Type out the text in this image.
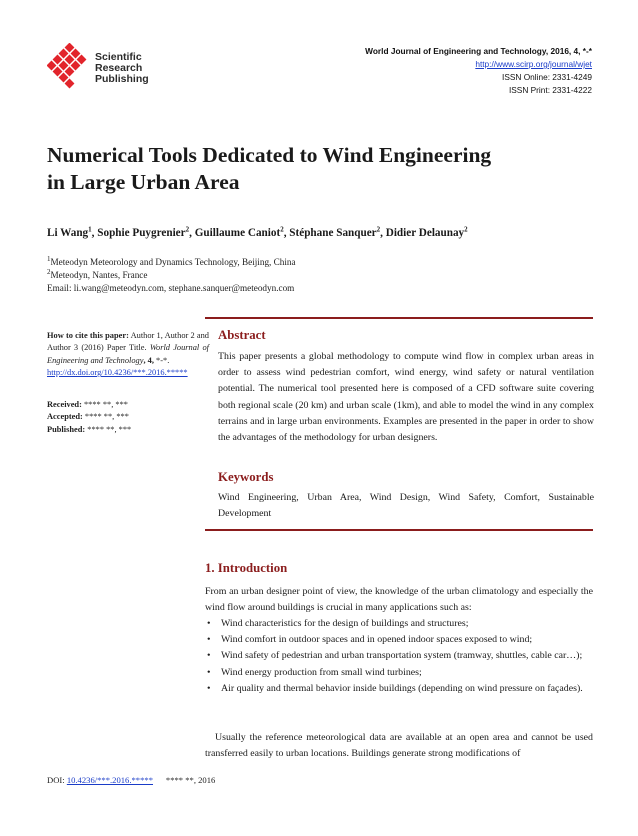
Scientific
Research
Publishing
World Journal of Engineering and Technology, 2016, 4, *-*
http://www.scirp.org/journal/wjet
ISSN Online: 2331-4249
ISSN Print: 2331-4222
Numerical Tools Dedicated to Wind Engineering
in Large Urban Area
Li Wang$^1$, Sophie Puygrenier$^2$, Guillaume Caniot$^2$, Stéphane Sanquer$^2$, Didier Delaunay$^2$
$^1$Meteodyn Meteorology and Dynamics Technology, Beijing, China
$^2$Meteodyn, Nantes, France
Email: li.wang@meteodyn.com, stephane.sanquer@meteodyn.com
How to cite this paper: Author 1, Author 2 and Author 3 (2016) Paper Title. World Journal of Engineering and Technology, 4, *-*.
http://dx.doi.org/10.4236/***.2016.*****
Received: **** **, ***
Accepted: **** **, ***
Published: **** **, ***
Abstract
This paper presents a global methodology to compute wind flow in complex urban areas in order to assess wind pedestrian comfort, wind energy, wind safety or natural ventilation potential. The numerical tool presented here is composed of a CFD software suite covering both regional scale (20 km) and urban scale (1km), and able to model the wind in any complex terrains and in large urban environments. Examples are presented in the paper in order to show the advantages of the methodology for urban designers.
Keywords
Wind Engineering, Urban Area, Wind Design, Wind Safety, Comfort, Sustainable Development
1. Introduction
From an urban designer point of view, the knowledge of the urban climatology and especially the wind flow around buildings is crucial in many applications such as:
• Wind characteristics for the design of buildings and structures;
• Wind comfort in outdoor spaces and in opened indoor spaces exposed to wind;
• Wind safety of pedestrian and urban transportation system (tramway, shuttles, cable car…);
• Wind energy production from small wind turbines;
• Air quality and thermal behavior inside buildings (depending on wind pressure on façades).
Usually the reference meteorological data are available at an open area and cannot be used transferred easily to urban locations. Buildings generate strong modifications of
DOI: 10.4236/***.2016.***** **** **, 2016
